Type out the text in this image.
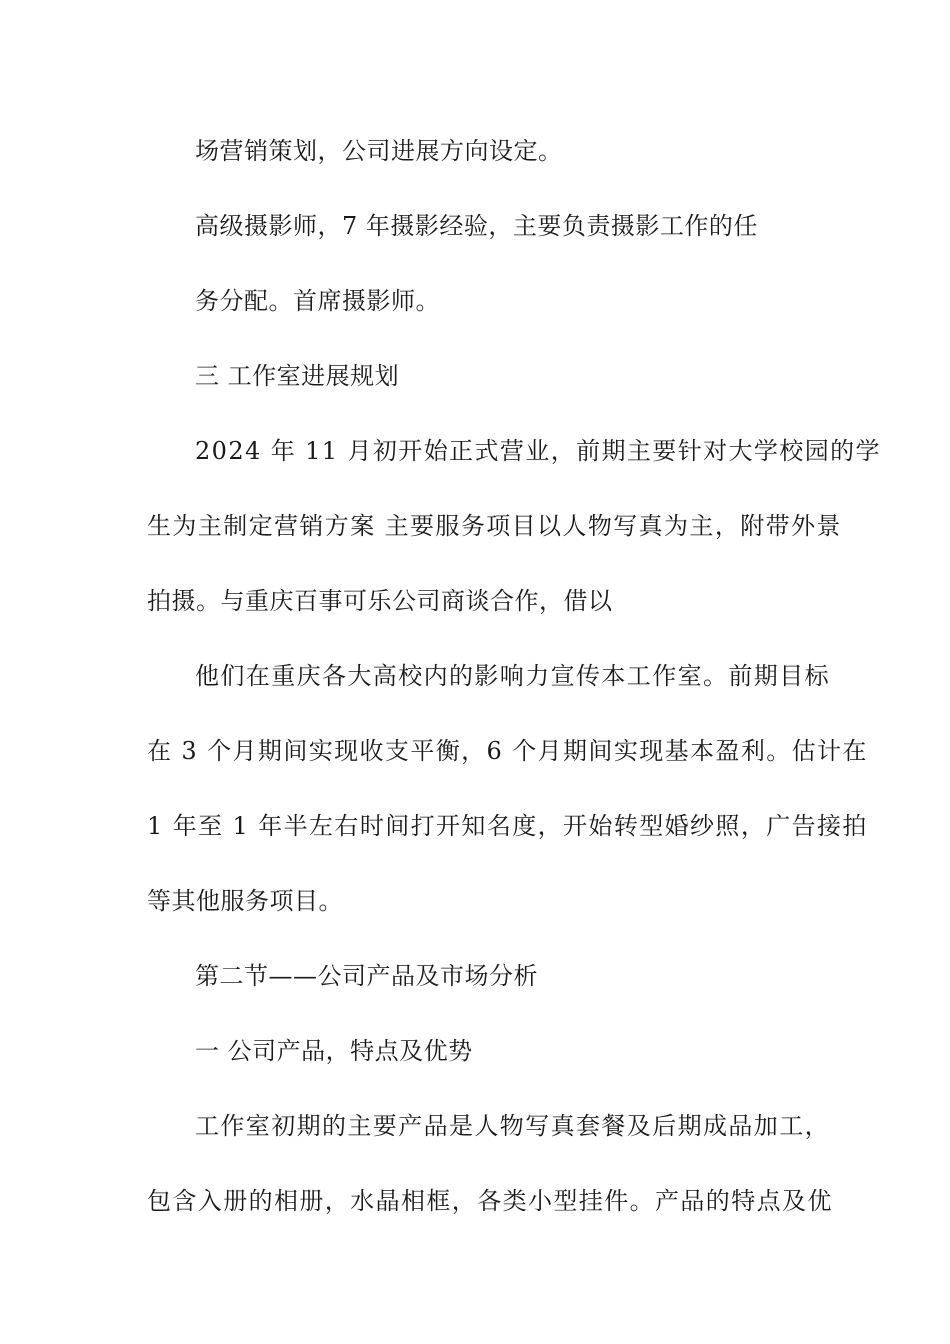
场营销策划，公司进展方向设定。
高级摄影师，7 年摄影经验，主要负责摄影工作的任
务分配。首席摄影师。
三 工作室进展规划
2024 年 11 月初开始正式营业，前期主要针对大学校园的学
生为主制定营销方案 主要服务项目以人物写真为主，附带外景
拍摄。与重庆百事可乐公司商谈合作，借以
他们在重庆各大高校内的影响力宣传本工作室。前期目标
在 3 个月期间实现收支平衡，6 个月期间实现基本盈利。估计在
1 年至 1 年半左右时间打开知名度，开始转型婚纱照，广告接拍
等其他服务项目。
第二节——公司产品及市场分析
一 公司产品，特点及优势
工作室初期的主要产品是人物写真套餐及后期成品加工，
包含入册的相册，水晶相框，各类小型挂件。产品的特点及优
